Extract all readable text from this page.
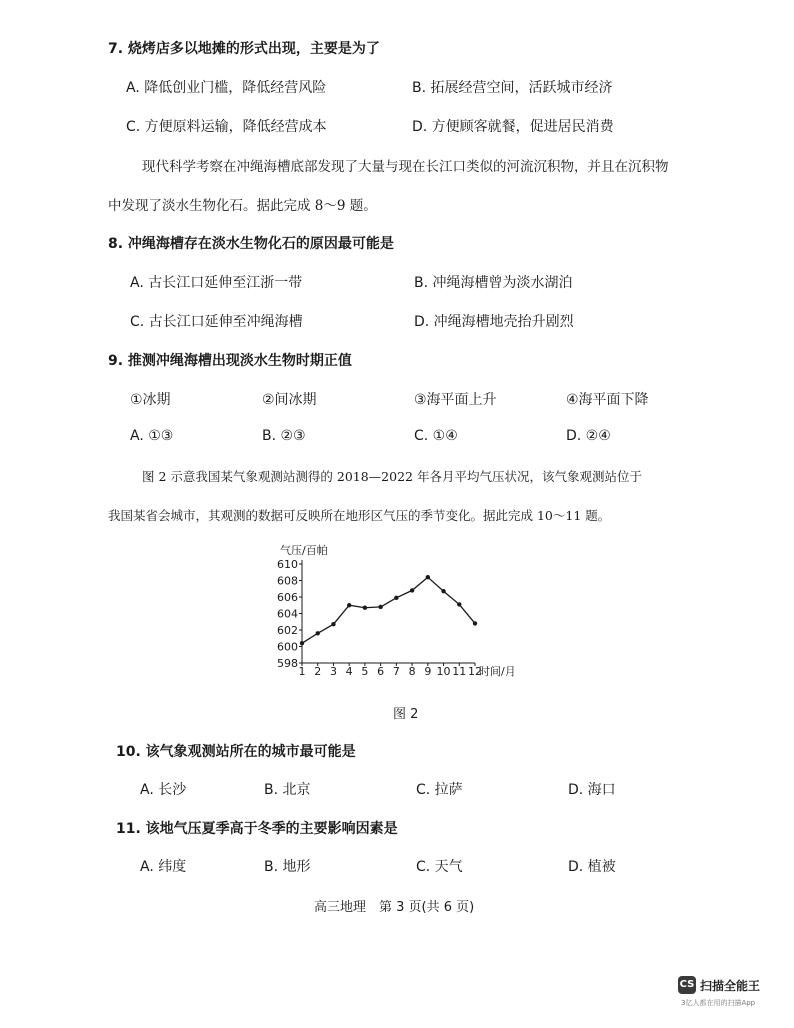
7. 烧烤店多以地摊的形式出现，主要是为了
A. 降低创业门槛，降低经营风险	B. 拓展经营空间，活跃城市经济
C. 方便原料运输，降低经营成本	D. 方便顾客就餐，促进居民消费
现代科学考察在冲绳海槽底部发现了大量与现在长江口类似的河流沉积物，并且在沉积物
中发现了淡水生物化石。据此完成 8～9 题。
8. 冲绳海槽存在淡水生物化石的原因最可能是
A. 古长江口延伸至江浙一带	B. 冲绳海槽曾为淡水湖泊
C. 古长江口延伸至冲绳海槽	D. 冲绳海槽地壳抬升剧烈
9. 推测冲绳海槽出现淡水生物时期正值
①冰期	②间冰期	③海平面上升	④海平面下降
A. ①③	B. ②③	C. ①④	D. ②④
图 2 示意我国某气象观测站测得的 2018—2022 年各月平均气压状况，该气象观测站位于
我国某省会城市，其观测的数据可反映所在地形区气压的季节变化。据此完成 10～11 题。
气压/百帕
时间/月
598
600
602
604
606
608
610
1 2 3 4 5 6 7 8 9 10 11 12
图 2
10. 该气象观测站所在的城市最可能是
A. 长沙	B. 北京	C. 拉萨	D. 海口
11. 该地气压夏季高于冬季的主要影响因素是
A. 纬度	B. 地形	C. 天气	D. 植被
高三地理　第 3 页(共 6 页)
CS 扫描全能王
3亿人都在用的扫描App
